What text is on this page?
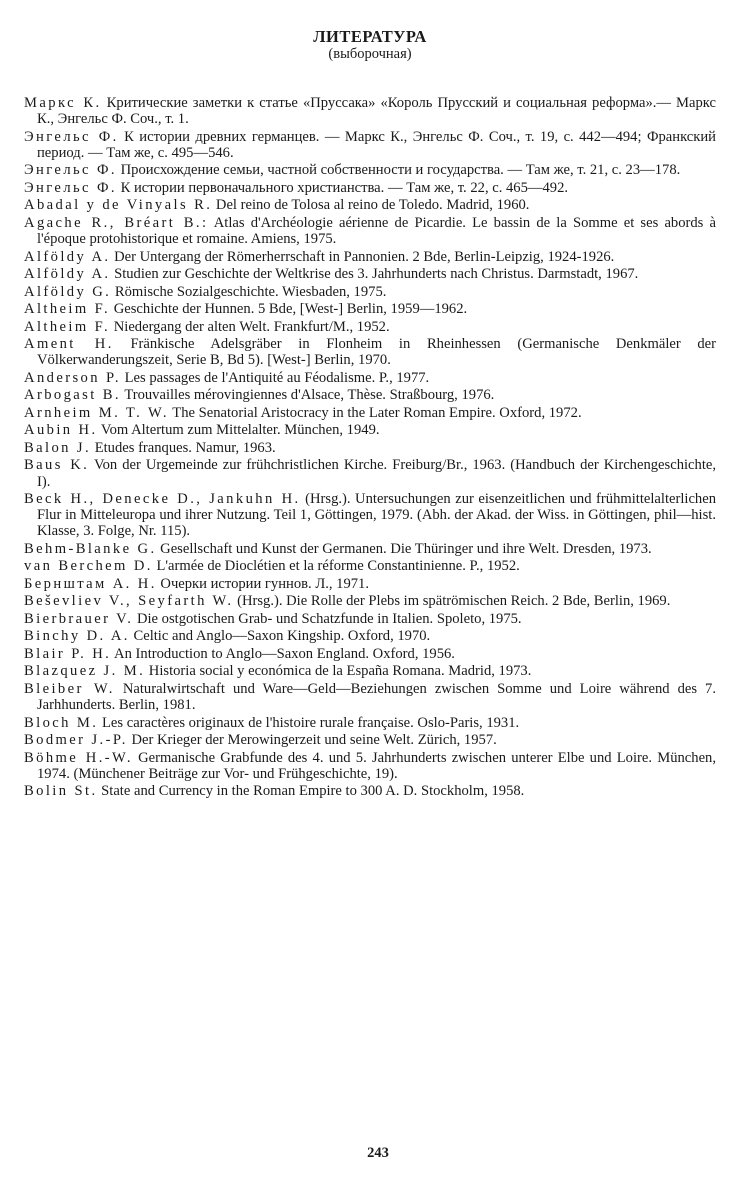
ЛИТЕРАТУРА
(выборочная)
Маркс К. Критические заметки к статье «Пруссака» «Король Прусский и социальная реформа».— Маркс К., Энгельс Ф. Соч., т. 1.
Энгельс Ф. К истории древних германцев. — Маркс К., Энгельс Ф. Соч., т. 19, с. 442—494; Франкский период. — Там же, с. 495—546.
Энгельс Ф. Происхождение семьи, частной собственности и государства. — Там же, т. 21, с. 23—178.
Энгельс Ф. К истории первоначального христианства. — Там же, т. 22, с. 465—492.
Abadal y de Vinyals R. Del reino de Tolosa al reino de Toledo. Madrid, 1960.
Agache R., Bréart B.: Atlas d'Archéologie aérienne de Picardie. Le bassin de la Somme et ses abords à l'époque protohistorique et romaine. Amiens, 1975.
Alföldy A. Der Untergang der Römerherrschaft in Pannonien. 2 Bde, Berlin-Leipzig, 1924-1926.
Alföldy A. Studien zur Geschichte der Weltkrise des 3. Jahrhunderts nach Christus. Darmstadt, 1967.
Alföldy G. Römische Sozialgeschichte. Wiesbaden, 1975.
Altheim F. Geschichte der Hunnen. 5 Bde, [West-] Berlin, 1959—1962.
Altheim F. Niedergang der alten Welt. Frankfurt/M., 1952.
Ament H. Fränkische Adelsgräber in Flonheim in Rheinhessen (Germanische Denkmäler der Völkerwanderungszeit, Serie B, Bd 5). [West-] Berlin, 1970.
Anderson P. Les passages de l'Antiquité au Féodalisme. P., 1977.
Arbogast B. Trouvailles mérovingiennes d'Alsace, Thèse. Straßbourg, 1976.
Arnheim M. T. W. The Senatorial Aristocracy in the Later Roman Empire. Oxford, 1972.
Aubin H. Vom Altertum zum Mittelalter. München, 1949.
Balon J. Etudes franques. Namur, 1963.
Baus K. Von der Urgemeinde zur frühchristlichen Kirche. Freiburg/Br., 1963. (Handbuch der Kirchengeschichte, I).
Beck H., Denecke D., Jankuhn H. (Hrsg.). Untersuchungen zur eisenzeitlichen und frühmittelalterlichen Flur in Mitteleuropa und ihrer Nutzung. Teil 1, Göttingen, 1979. (Abh. der Akad. der Wiss. in Göttingen, phil—hist. Klasse, 3. Folge, Nr. 115).
Behm-Blanke G. Gesellschaft und Kunst der Germanen. Die Thüringer und ihre Welt. Dresden, 1973.
van Berchem D. L'armée de Dioclétien et la réforme Constantinienne. P., 1952.
Бернштам А. Н. Очерки истории гуннов. Л., 1971.
Beševliev V., Seyfarth W. (Hrsg.). Die Rolle der Plebs im spätrömischen Reich. 2 Bde, Berlin, 1969.
Bierbrauer V. Die ostgotischen Grab- und Schatzfunde in Italien. Spoleto, 1975.
Binchy D. A. Celtic and Anglo—Saxon Kingship. Oxford, 1970.
Blair P. H. An Introduction to Anglo—Saxon England. Oxford, 1956.
Blazquez J. M. Historia social y económica de la España Romana. Madrid, 1973.
Bleiber W. Naturalwirtschaft und Ware—Geld—Beziehungen zwischen Somme und Loire während des 7. Jarhhunderts. Berlin, 1981.
Bloch M. Les caractères originaux de l'histoire rurale française. Oslo-Paris, 1931.
Bodmer J.-P. Der Krieger der Merowingerzeit und seine Welt. Zürich, 1957.
Böhme H.-W. Germanische Grabfunde des 4. und 5. Jahrhunderts zwischen unterer Elbe und Loire. München, 1974. (Münchener Beiträge zur Vor- und Frühgeschichte, 19).
Bolin St. State and Currency in the Roman Empire to 300 A. D. Stockholm, 1958.
243
